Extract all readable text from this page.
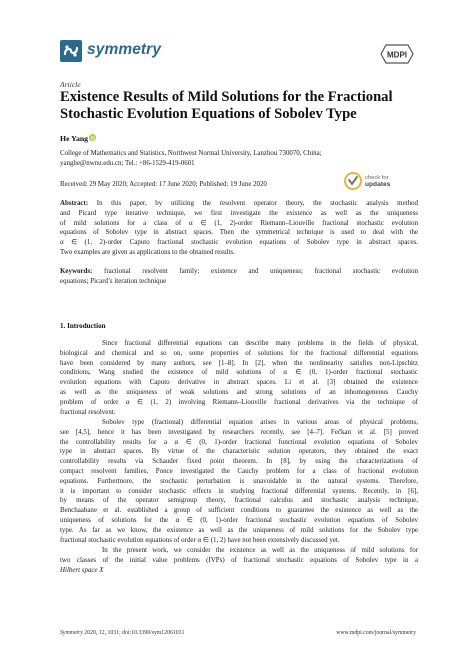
symmetry	MDPI
Article
Existence Results of Mild Solutions for the Fractional
Stochastic Evolution Equations of Sobolev Type
He Yang
College of Mathematics and Statistics, Northwest Normal University, Lanzhou 730070, China;
yanghe@nwnu.edu.cn; Tel.: +86-1529-419-0601
Received: 29 May 2020; Accepted: 17 June 2020; Published: 19 June 2020
check for
updates
Abstract: In this paper, by utilizing the resolvent operator theory, the stochastic analysis method
and Picard type iterative technique, we first investigate the existence as well as the uniqueness
of mild solutions for a class of α ∈ (1, 2)-order Riemann–Liouville fractional stochastic evolution
equations of Sobolev type in abstract spaces. Then the symmetrical technique is used to deal with the
α ∈ (1, 2)-order Caputo fractional stochastic evolution equations of Sobolev type in abstract spaces.
Two examples are given as applications to the obtained results.
Keywords: fractional resolvent family; existence and uniqueness; fractional stochastic evolution
equations; Picard’s iteration technique
1. Introduction
Since fractional differential equations can describe many problems in the fields of physical,
biological and chemical and so on, some properties of solutions for the fractional differential equations
have been considered by many authors, see [1–8]. In [2], when the nonlinearity satisfies non-Lipschitz
conditions, Wang studied the existence of mild solutions of α ∈ (0, 1)-order fractional stochastic
evolution equations with Caputo derivative in abstract spaces. Li et al. [3] obtained the existence
as well as the uniqueness of weak solutions and strong solutions of an inhomogeneous Cauchy
problem of order α ∈ (1, 2) involving Riemann–Liouville fractional derivatives via the technique of
fractional resolvent.
Sobolev type (fractional) differential equation arises in various areas of physical problems,
see [4,5], hence it has been investigated by researchers recently, see [4–7]. Fečkan et al. [5] proved
the controllability results for a α ∈ (0, 1)-order fractional functional evolution equations of Sobolev
type in abstract spaces. By virtue of the characteristic solution operators, they obtained the exact
controllability results via Schauder fixed point theorem. In [8], by using the characterizations of
compact resolvent families, Ponce investigated the Cauchy problem for a class of fractional evolution
equations. Furthermore, the stochastic perturbation is unavoidable in the natural systems. Therefore,
it is important to consider stochastic effects in studying fractional differential systems. Recently, in [6],
by means of the operator semigroup theory, fractional calculus and stochastic analysis technique,
Benchaabane et al. established a group of sufficient conditions to guarantee the existence as well as the
uniqueness of solutions for the α ∈ (0, 1)-order fractional stochastic evolution equations of Sobolev
type. As far as we know, the existence as well as the uniqueness of mild solutions for the Sobolev type
fractional stochastic evolution equations of order α ∈ (1, 2) have not been extensively discussed yet.
In the present work, we consider the existence as well as the uniqueness of mild solutions for
two classes of the initial value problems (IVPs) of fractional stochastic equations of Sobolev type in a
Hilbert space X
Symmetry 2020, 12, 1031; doi:10.3390/sym12061031	www.mdpi.com/journal/symmetry
